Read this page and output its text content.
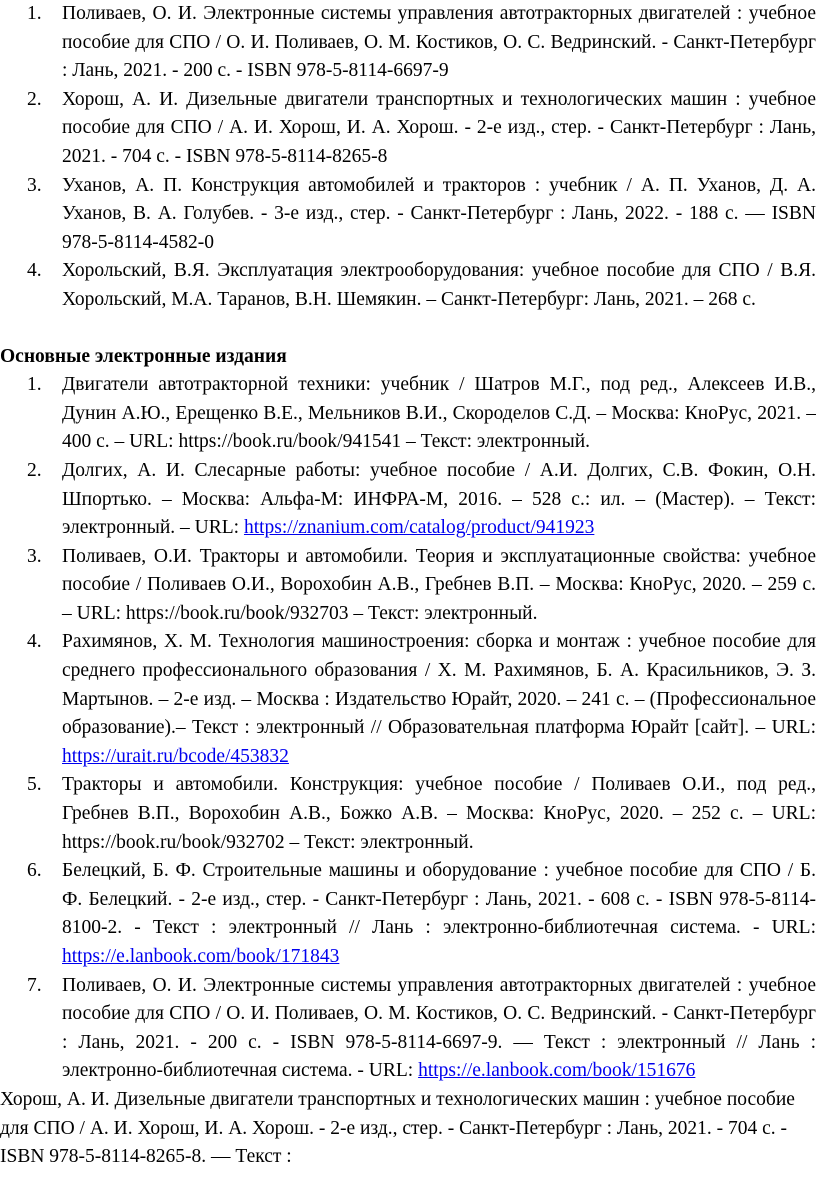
1. Поливаев, О. И. Электронные системы управления автотракторных двигателей : учебное пособие для СПО / О. И. Поливаев, О. М. Костиков, О. С. Ведринский. - Санкт-Петербург : Лань, 2021. - 200 с. - ISBN 978-5-8114-6697-9
2. Хорош, А. И. Дизельные двигатели транспортных и технологических машин : учебное пособие для СПО / А. И. Хорош, И. А. Хорош. - 2-е изд., стер. - Санкт-Петербург : Лань, 2021. - 704 с. - ISBN 978-5-8114-8265-8
3. Уханов, А. П. Конструкция автомобилей и тракторов : учебник / А. П. Уханов, Д. А. Уханов, В. А. Голубев. - 3-е изд., стер. - Санкт-Петербург : Лань, 2022. - 188 с. — ISBN 978-5-8114-4582-0
4. Хорольский, В.Я. Эксплуатация электрооборудования: учебное пособие для СПО / В.Я. Хорольский, М.А. Таранов, В.Н. Шемякин. – Санкт-Петербург: Лань, 2021. – 268 с.

Основные электронные издания

1. Двигатели автотракторной техники: учебник / Шатров М.Г., под ред., Алексеев И.В., Дунин А.Ю., Ерещенко В.Е., Мельников В.И., Скороделов С.Д. – Москва: КноРус, 2021. – 400 с. – URL: https://book.ru/book/941541 – Текст: электронный.
2. Долгих, А. И. Слесарные работы: учебное пособие / А.И. Долгих, С.В. Фокин, О.Н. Шпортько. – Москва: Альфа-М: ИНФРА-М, 2016. – 528 с.: ил. – (Мастер). – Текст: электронный. – URL: https://znanium.com/catalog/product/941923
3. Поливаев, О.И. Тракторы и автомобили. Теория и эксплуатационные свойства: учебное пособие / Поливаев О.И., Ворохобин А.В., Гребнев В.П. – Москва: КноРус, 2020. – 259 с. – URL: https://book.ru/book/932703 – Текст: электронный.
4. Рахимянов, Х. М. Технология машиностроения: сборка и монтаж : учебное пособие для среднего профессионального образования / Х. М. Рахимянов, Б. А. Красильников, Э. З. Мартынов. – 2-е изд. – Москва : Издательство Юрайт, 2020. – 241 с. – (Профессиональное образование).– Текст : электронный // Образовательная платформа Юрайт [сайт]. – URL: https://urait.ru/bcode/453832
5. Тракторы и автомобили. Конструкция: учебное пособие / Поливаев О.И., под ред., Гребнев В.П., Ворохобин А.В., Божко А.В. – Москва: КноРус, 2020. – 252 с. – URL: https://book.ru/book/932702 – Текст: электронный.
6. Белецкий, Б. Ф. Строительные машины и оборудование : учебное пособие для СПО / Б. Ф. Белецкий. - 2-е изд., стер. - Санкт-Петербург : Лань, 2021. - 608 с. - ISBN 978-5-8114-8100-2. - Текст : электронный // Лань : электронно-библиотечная система. - URL: https://e.lanbook.com/book/171843
7. Поливаев, О. И. Электронные системы управления автотракторных двигателей : учебное пособие для СПО / О. И. Поливаев, О. М. Костиков, О. С. Ведринский. - Санкт-Петербург : Лань, 2021. - 200 с. - ISBN 978-5-8114-6697-9. — Текст : электронный // Лань : электронно-библиотечная система. - URL: https://e.lanbook.com/book/151676

Хорош, А. И. Дизельные двигатели транспортных и технологических машин : учебное пособие для СПО / А. И. Хорош, И. А. Хорош. - 2-е изд., стер. - Санкт-Петербург : Лань, 2021. - 704 с. - ISBN 978-5-8114-8265-8. — Текст :
